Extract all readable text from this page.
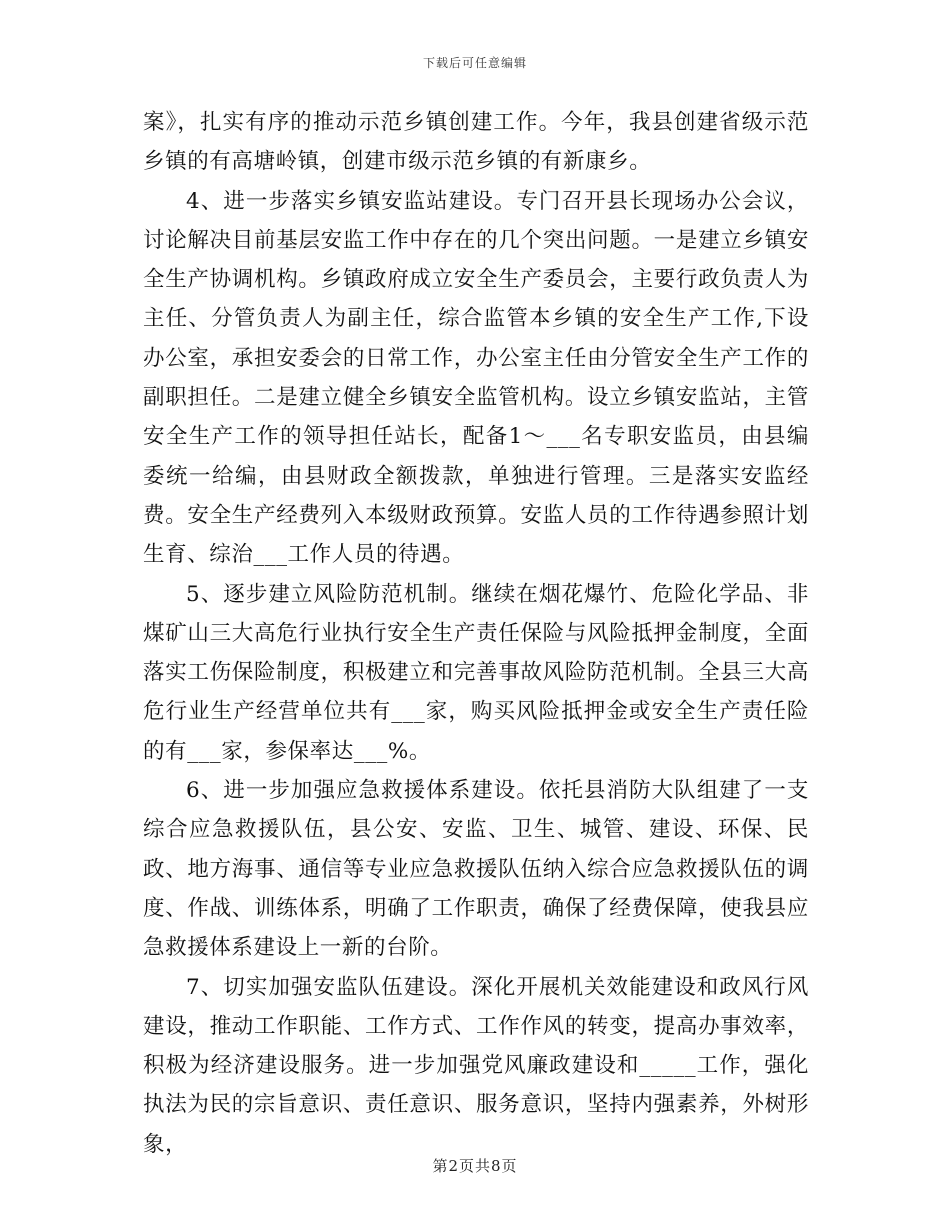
下载后可任意编辑

案》，扎实有序的推动示范乡镇创建工作。今年，我县创建省级示范乡镇的有高塘岭镇，创建市级示范乡镇的有新康乡。

4、进一步落实乡镇安监站建设。专门召开县长现场办公会议，讨论解决目前基层安监工作中存在的几个突出问题。一是建立乡镇安全生产协调机构。乡镇政府成立安全生产委员会，主要行政负责人为主任、分管负责人为副主任，综合监管本乡镇的安全生产工作,下设办公室，承担安委会的日常工作，办公室主任由分管安全生产工作的副职担任。二是建立健全乡镇安全监管机构。设立乡镇安监站，主管安全生产工作的领导担任站长，配备1～___名专职安监员，由县编委统一给编，由县财政全额拨款，单独进行管理。三是落实安监经费。安全生产经费列入本级财政预算。安监人员的工作待遇参照计划生育、综治___工作人员的待遇。

5、逐步建立风险防范机制。继续在烟花爆竹、危险化学品、非煤矿山三大高危行业执行安全生产责任保险与风险抵押金制度，全面落实工伤保险制度，积极建立和完善事故风险防范机制。全县三大高危行业生产经营单位共有___家，购买风险抵押金或安全生产责任险的有___家，参保率达___%。

6、进一步加强应急救援体系建设。依托县消防大队组建了一支综合应急救援队伍，县公安、安监、卫生、城管、建设、环保、民政、地方海事、通信等专业应急救援队伍纳入综合应急救援队伍的调度、作战、训练体系，明确了工作职责，确保了经费保障，使我县应急救援体系建设上一新的台阶。

7、切实加强安监队伍建设。深化开展机关效能建设和政风行风建设，推动工作职能、工作方式、工作作风的转变，提高办事效率，积极为经济建设服务。进一步加强党风廉政建设和_____工作，强化执法为民的宗旨意识、责任意识、服务意识，坚持内强素养，外树形象，

第2页共8页
